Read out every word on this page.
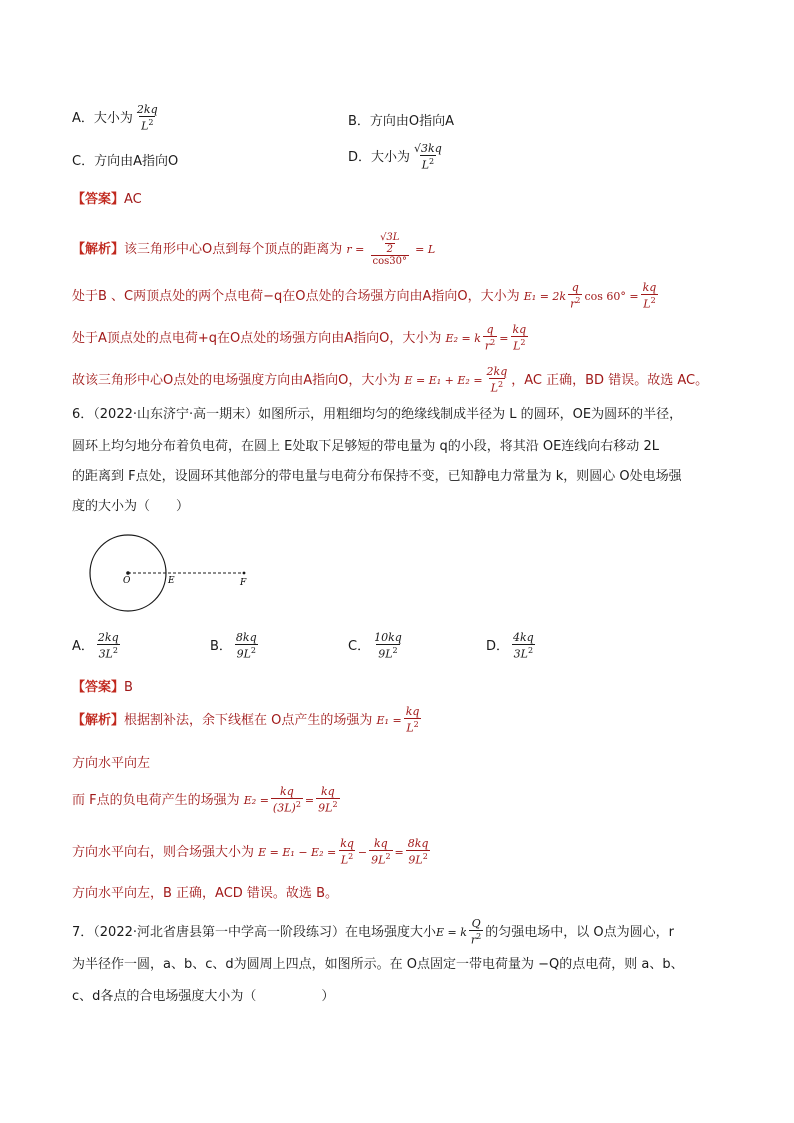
A．大小为 $\frac{2kq}{L^2}$	B．方向由O指向A
C．方向由A指向O	D．大小为 $\frac{√3kq}{L^2}$
【答案】AC
【解析】该三角形中心O点到每个顶点的距离为 r =
√3L
2
cos30°
= L
处于B 、C两顶点处的两个点电荷−q在O点处的合场强方向由A指向O，大小为 $E_1 = 2k \frac{q}{r^2}$ $\cos 60^\circ = \frac{kq}{L^2}$
处于A顶点处的点电荷+q在O点处的场强方向由A指向O，大小为 E₂ = k $\frac{q}{r^2} = \frac{kq}{L^2}$
故该三角形中心O点处的电场强度方向由A指向O，大小为 $E = E_1 + E_2 = \frac{2kq}{L^2}$ ，AC 正确，BD 错误。故选 AC。
6．（2022·山东济宁·高一期末）如图所示，用粗细均匀的绝缘线制成半径为 L 的圆环，OE为圆环的半径，
圆环上均匀地分布着负电荷，在圆上 E处取下足够短的带电量为 q的小段，将其沿 OE连线向右移动 2L
的距离到 F点处，设圆环其他部分的带电量与电荷分布保持不变，已知静电力常量为 k，则圆心 O处电场强
度的大小为（　　）
O	E	F
A． $\frac{2kq}{3L^2}$	B． $\frac{8kq}{9L^2}$	C． $\frac{10kq}{9L^2}$	D． $\frac{4kq}{3L^2}$
【答案】B
【解析】根据割补法，余下线框在 O点产生的场强为 $E_1 = \frac{kq}{L^2}$
方向水平向左
而 F点的负电荷产生的场强为 $E_2 = \frac{kq}{(3L)^2} = \frac{kq}{9L^2}$
方向水平向右，则合场强大小为 $E = E_1 - E_2 = \frac{kq}{L^2} - \frac{kq}{9L^2} = \frac{8kq}{9L^2}$
方向水平向左，B 正确，ACD 错误。故选 B。
7．（2022·河北省唐县第一中学高一阶段练习）在电场强度大小E = k $\frac{Q}{r^2}$ 的匀强电场中，以 O点为圆心，r
为半径作一圆，a、b、c、d为圆周上四点，如图所示。在 O点固定一带电荷量为 −Q的点电荷，则 a、b、
c、d各点的合电场强度大小为（　　　　　）
